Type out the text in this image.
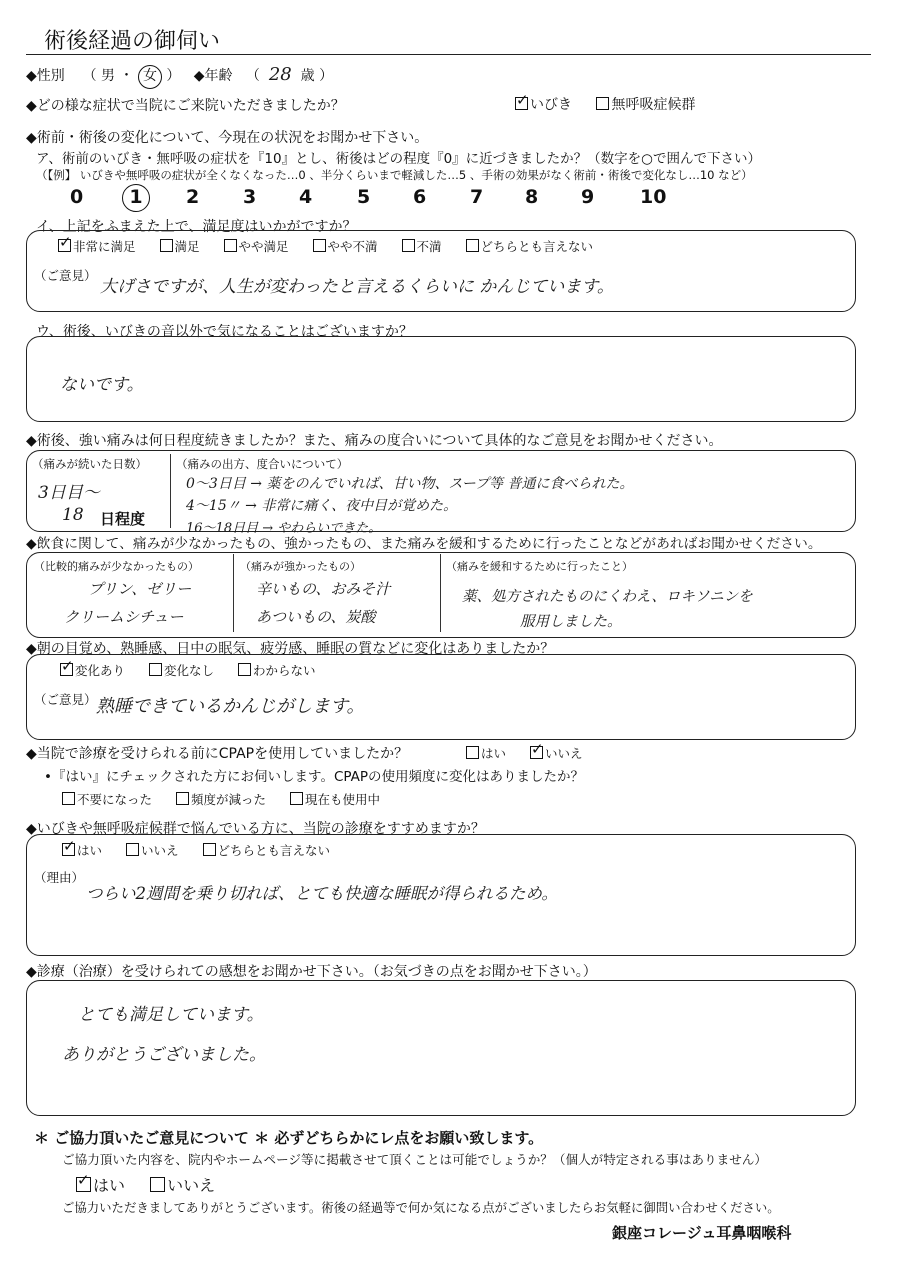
術後経過の御伺い
◆性別 （ 男 ・ 女 ） ◆年齢 （ 28 歳 ）
◆どの様な症状で当院にご来院いただきましたか？ ✓	いびき	無呼吸症候群
◆術前・術後の変化について、今現在の状況をお聞かせ下さい。
ア、術前のいびき・無呼吸の症状を『10』とし、術後はどの程度『0』に近づきましたか？（数字を○で囲んで下さい）
（【例】 いびきや無呼吸の症状が全くなくなった…0 、半分くらいまで軽減した…5 、手術の効果がなく術前・術後で変化なし…10 など）
0	1	2 3 4 5 6 7 8 9 10
イ、上記をふまえた上で、満足度はいかがですか？
✓非常に満足	満足	やや満足	やや不満	不満	どちらとも言えない
（ご意見）
大げさですが、人生が変わったと言えるくらいに かんじています。
ウ、術後、いびきの音以外で気になることはございますか？
ないです。
◆術後、強い痛みは何日程度続きましたか？また、痛みの度合いについて具体的なご意見をお聞かせください。
（痛みが続いた日数）
3日目～
18 日程度
（痛みの出方、度合いについて）
0～3日目 → 薬をのんでいれば、甘い物、スープ等 普通に食べられた。
4～15〃 → 非常に痛く、夜中目が覚めた。
16～18日目 → やわらいできた。
◆飲食に関して、痛みが少なかったもの、強かったもの、また痛みを緩和するために行ったことなどがあればお聞かせください。
（比較的痛みが少なかったもの）
プリン、ゼリー
クリームシチュー
（痛みが強かったもの）
辛いもの、おみそ汁
あついもの、炭酸
（痛みを緩和するために行ったこと）
薬、処方されたものにくわえ、ロキソニンを
服用しました。
◆朝の目覚め、熟睡感、日中の眠気、疲労感、睡眠の質などに変化はありましたか？
✓変化あり	変化なし	わからない
（ご意見） 熟睡できているかんじがします。
◆当院で診療を受けられる前にCPAPを使用していましたか？	はい ✓	いいえ
•『はい』にチェックされた方にお伺いします。CPAPの使用頻度に変化はありましたか？
不要になった	頻度が減った	現在も使用中
◆いびきや無呼吸症候群で悩んでいる方に、当院の診療をすすめますか？
✓はい	いいえ	どちらとも言えない
（理由）
つらい2週間を乗り切れば、とても快適な睡眠が得られるため。
◆診療（治療）を受けられての感想をお聞かせ下さい。（お気づきの点をお聞かせ下さい。）
とても満足しています。
ありがとうございました。
＊ ご協力頂いたご意見について ＊ 必ずどちらかにレ点をお願い致します。
ご協力頂いた内容を、院内やホームページ等に掲載させて頂くことは可能でしょうか？（個人が特定される事はありません）
✓はい	いいえ
ご協力いただきましてありがとうございます。術後の経過等で何か気になる点がございましたらお気軽に御問い合わせください。
銀座コレージュ耳鼻咽喉科
